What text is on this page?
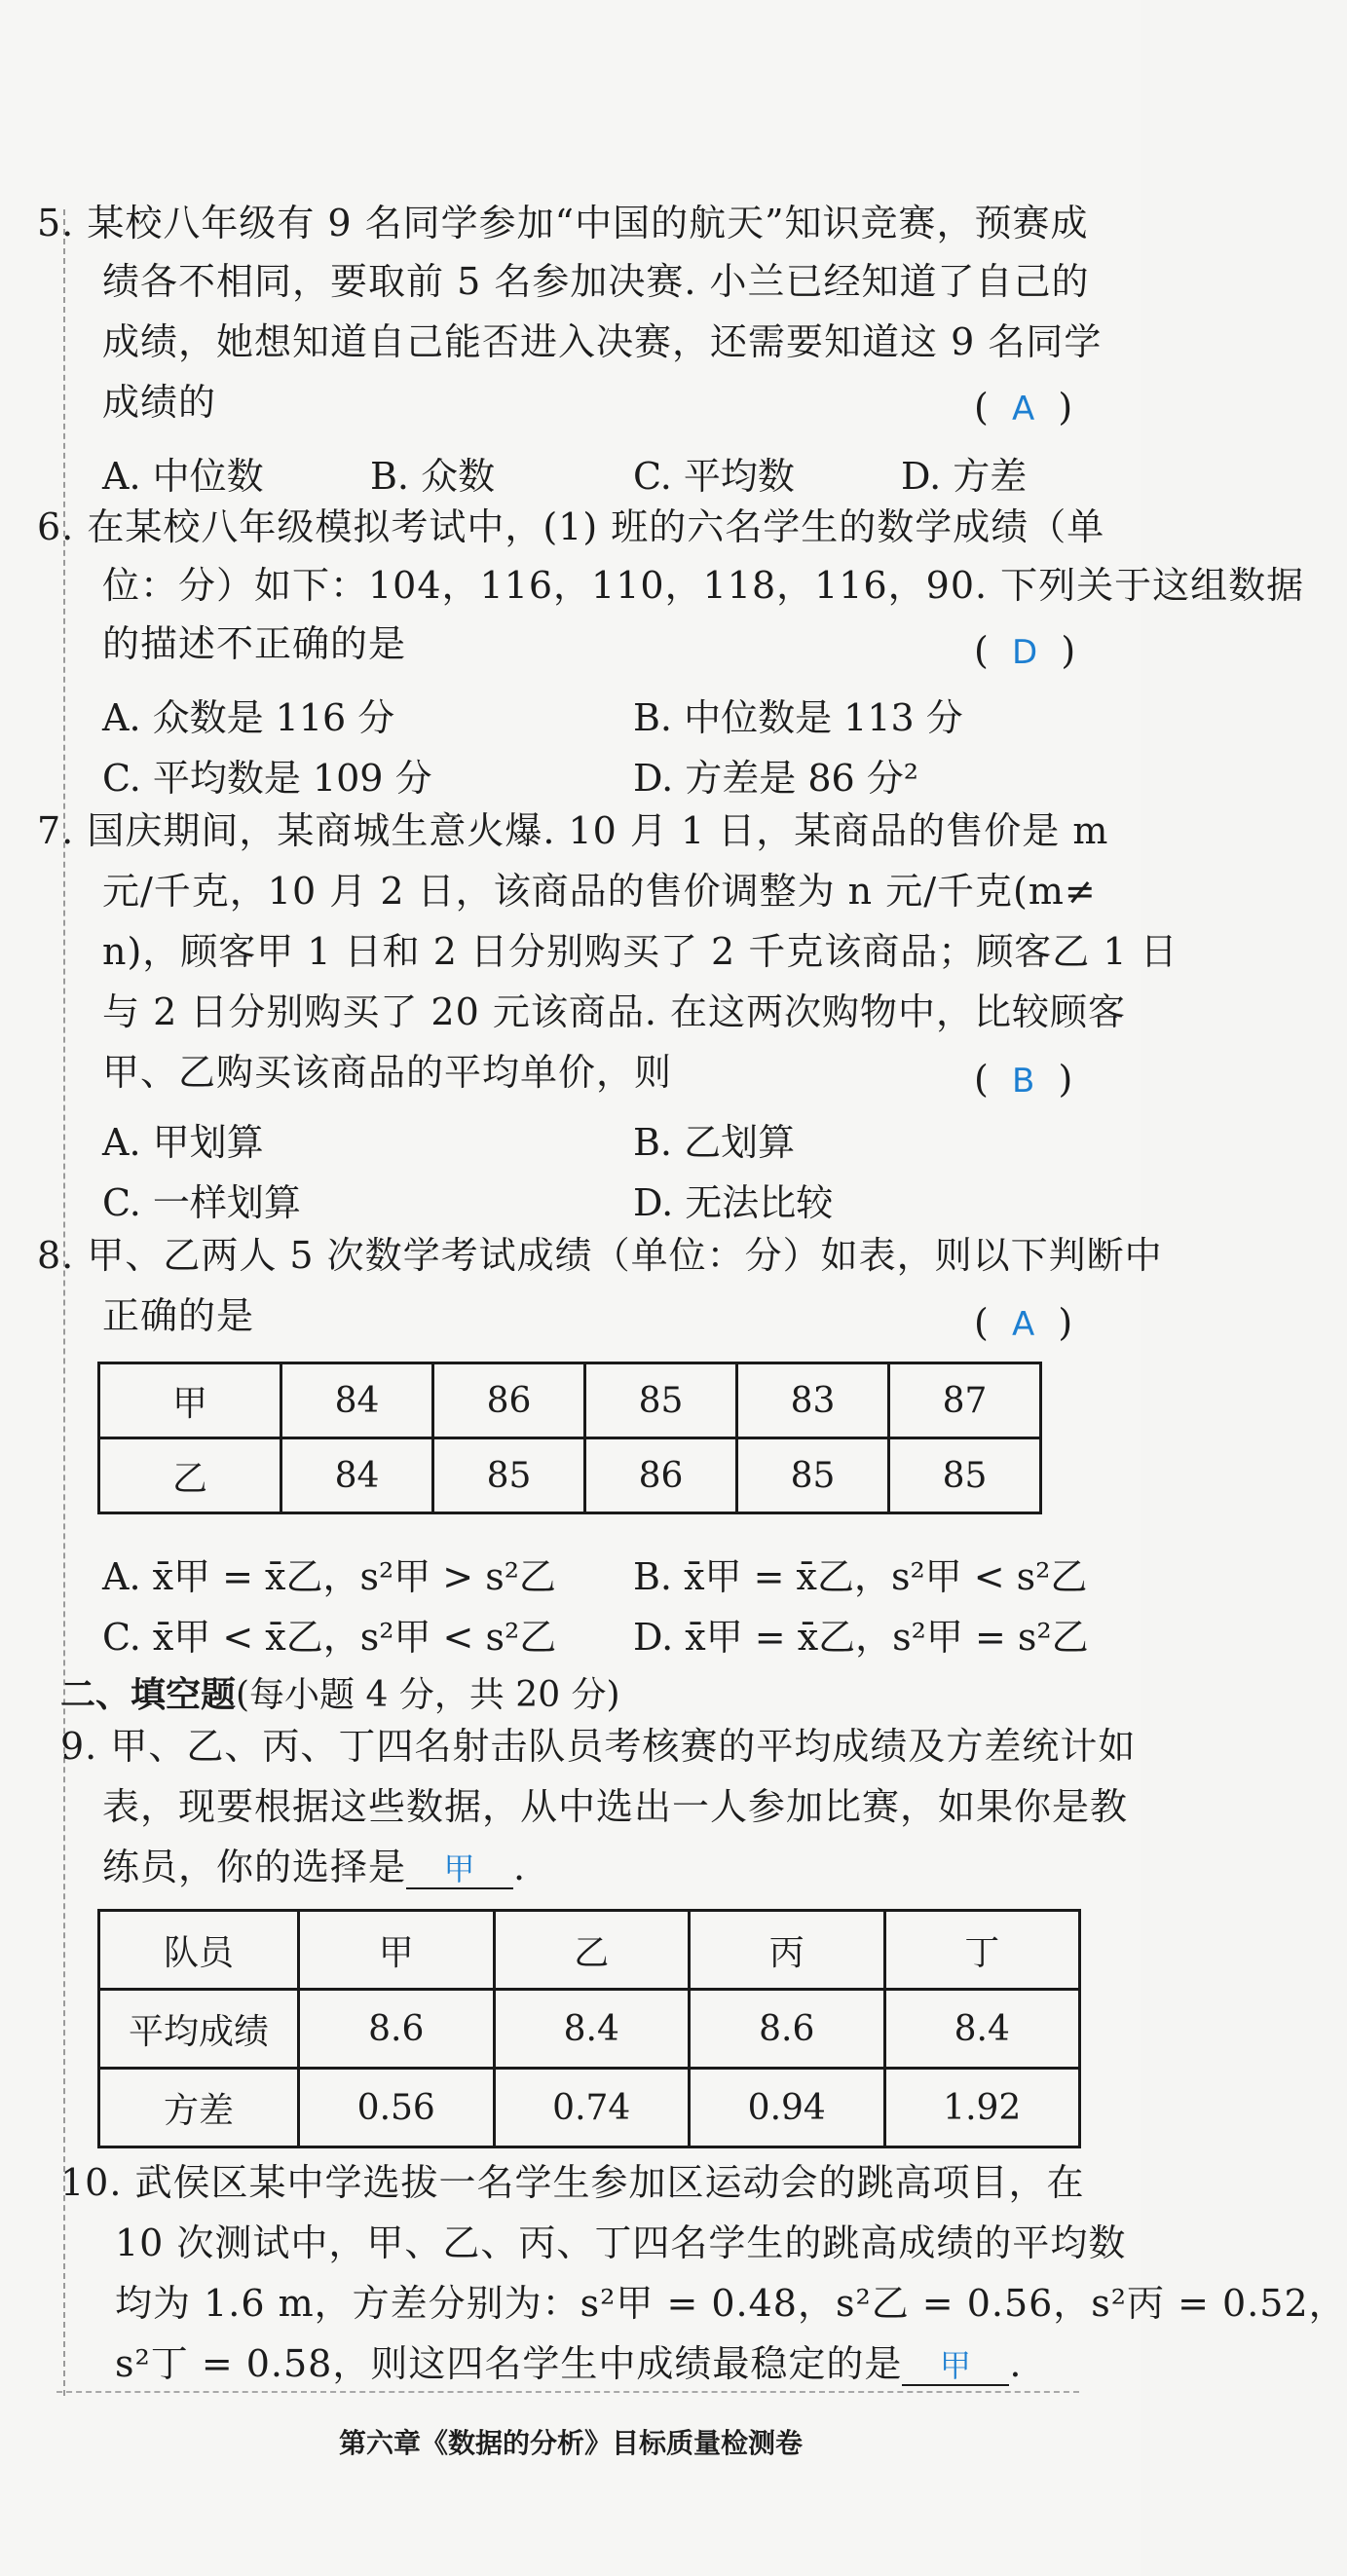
5. 某校八年级有 9 名同学参加“中国的航天”知识竞赛，预赛成
绩各不相同，要取前 5 名参加决赛. 小兰已经知道了自己的
成绩，她想知道自己能否进入决赛，还需要知道这 9 名同学
成绩的	(  A  )
A. 中位数	B. 众数	C. 平均数	D. 方差
6. 在某校八年级模拟考试中，(1) 班的六名学生的数学成绩（单
位：分）如下：104，116，110，118，116，90. 下列关于这组数据
的描述不正确的是	(  D  )
A. 众数是 116 分	B. 中位数是 113 分
C. 平均数是 109 分	D. 方差是 86 分²
7. 国庆期间，某商城生意火爆. 10 月 1 日，某商品的售价是 m
元/千克，10 月 2 日，该商品的售价调整为 n 元/千克(m≠
n)，顾客甲 1 日和 2 日分别购买了 2 千克该商品；顾客乙 1 日
与 2 日分别购买了 20 元该商品. 在这两次购物中，比较顾客
甲、乙购买该商品的平均单价，则	(  B  )
A. 甲划算	B. 乙划算
C. 一样划算	D. 无法比较
8. 甲、乙两人 5 次数学考试成绩（单位：分）如表，则以下判断中
正确的是	(  A  )
甲	84	86	85	83	87
乙	84	85	86	85	85
A. x̄甲 = x̄乙，s²甲 > s²乙 B. x̄甲 = x̄乙，s²甲 < s²乙
C. x̄甲 < x̄乙，s²甲 < s²乙 D. x̄甲 = x̄乙，s²甲 = s²乙
二、填空题(每小题 4 分，共 20 分)
9. 甲、乙、丙、丁四名射击队员考核赛的平均成绩及方差统计如
表，现要根据这些数据，从中选出一人参加比赛，如果你是教
练员，你的选择是 甲 .
队员	甲	乙	丙	丁
平均成绩	8.6	8.4	8.6	8.4
方差	0.56	0.74	0.94	1.92
10. 武侯区某中学选拔一名学生参加区运动会的跳高项目，在
10 次测试中，甲、乙、丙、丁四名学生的跳高成绩的平均数
均为 1.6 m，方差分别为：s²甲 = 0.48，s²乙 = 0.56，s²丙 = 0.52，
s²丁 = 0.58，则这四名学生中成绩最稳定的是 甲 .
第六章《数据的分析》目标质量检测卷
